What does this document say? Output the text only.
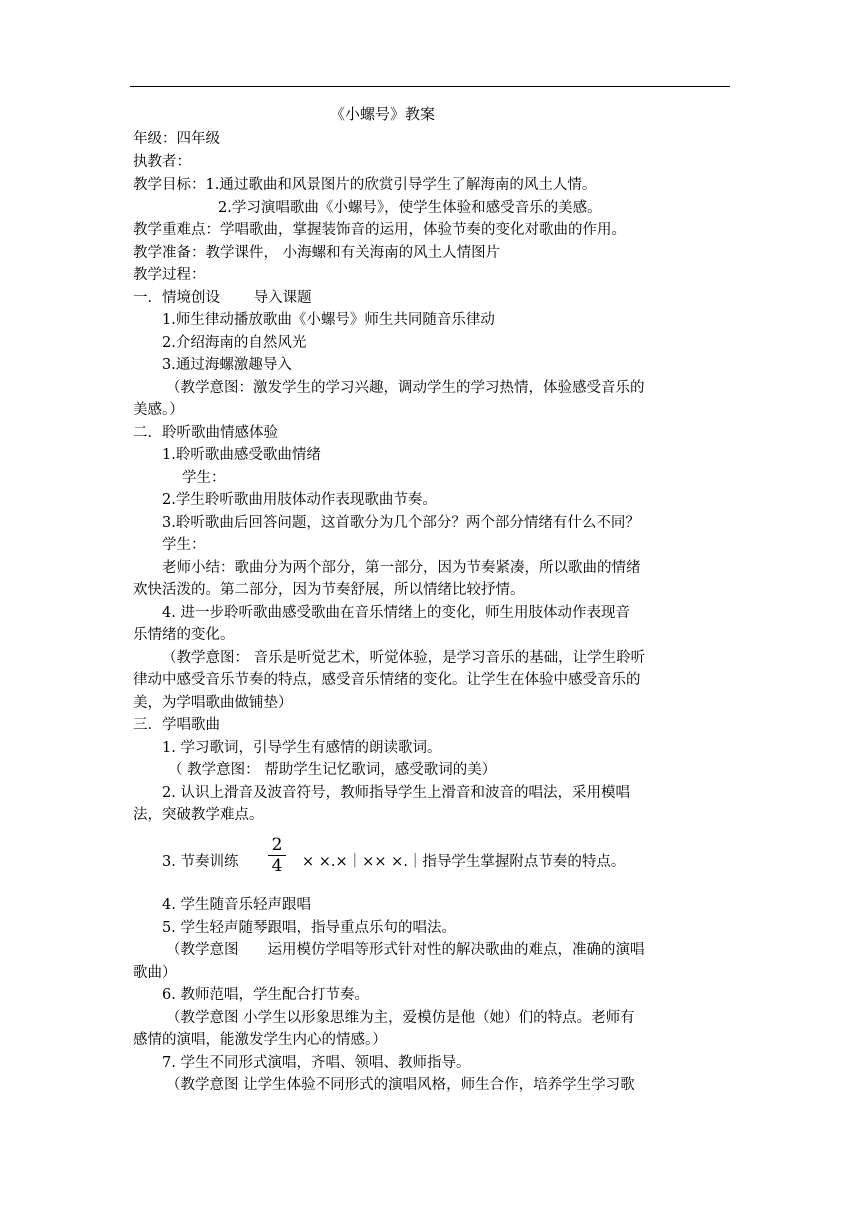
《小螺号》教案
年级：四年级
执教者：
教学目标：1.通过歌曲和风景图片的欣赏引导学生了解海南的风土人情。
2.学习演唱歌曲《小螺号》，使学生体验和感受音乐的美感。
教学重难点：学唱歌曲，掌握装饰音的运用，体验节奏的变化对歌曲的作用。
教学准备：教学课件， 小海螺和有关海南的风土人情图片
教学过程：
一．情境创设　　 导入课题
1.师生律动播放歌曲《小螺号》师生共同随音乐律动
2.介绍海南的自然风光
3.通过海螺激趣导入
（教学意图：激发学生的学习兴趣，调动学生的学习热情，体验感受音乐的
美感。）
二．聆听歌曲情感体验
1.聆听歌曲感受歌曲情绪
学生：
2.学生聆听歌曲用肢体动作表现歌曲节奏。
3.聆听歌曲后回答问题，这首歌分为几个部分？两个部分情绪有什么不同？
学生：
老师小结：歌曲分为两个部分，第一部分，因为节奏紧凑，所以歌曲的情绪
欢快活泼的。第二部分，因为节奏舒展，所以情绪比较抒情。
4. 进一步聆听歌曲感受歌曲在音乐情绪上的变化，师生用肢体动作表现音
乐情绪的变化。
（教学意图： 音乐是听觉艺术，听觉体验，是学习音乐的基础，让学生聆听
律动中感受音乐节奏的特点，感受音乐情绪的变化。让学生在体验中感受音乐的
美，为学唱歌曲做铺垫）
三．学唱歌曲
1. 学习歌词，引导学生有感情的朗读歌词。
（ 教学意图： 帮助学生记忆歌词，感受歌词的美）
2. 认识上滑音及波音符号，教师指导学生上滑音和波音的唱法，采用模唱
法，突破教学难点。
3. 节奏训练
2
4	× ×.×｜×× ×.｜指导学生掌握附点节奏的特点。
4. 学生随音乐轻声跟唱
5. 学生轻声随琴跟唱，指导重点乐句的唱法。
（教学意图　　运用模仿学唱等形式针对性的解决歌曲的难点，准确的演唱
歌曲）
6. 教师范唱，学生配合打节奏。
（教学意图 小学生以形象思维为主，爱模仿是他（她）们的特点。老师有
感情的演唱，能激发学生内心的情感。）
7. 学生不同形式演唱，齐唱、领唱、教师指导。
（教学意图 让学生体验不同形式的演唱风格，师生合作，培养学生学习歌
